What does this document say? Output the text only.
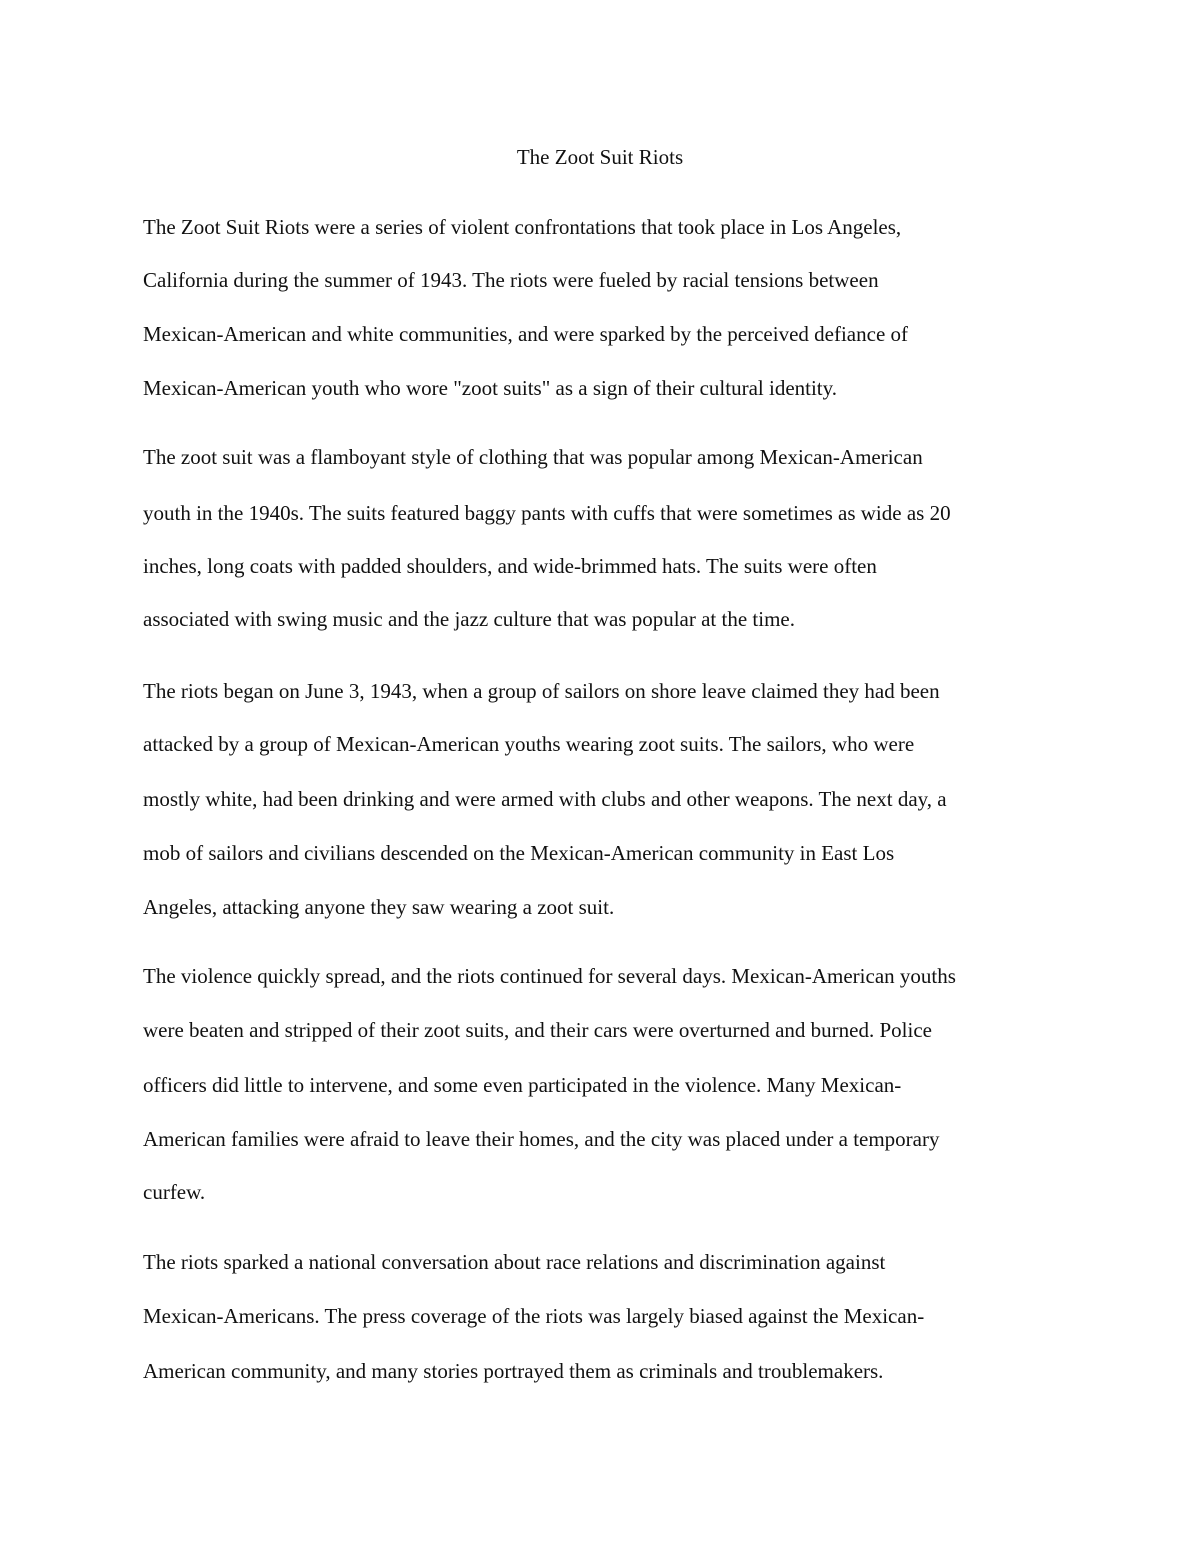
The Zoot Suit Riots

The Zoot Suit Riots were a series of violent confrontations that took place in Los Angeles,

California during the summer of 1943. The riots were fueled by racial tensions between

Mexican-American and white communities, and were sparked by the perceived defiance of

Mexican-American youth who wore "zoot suits" as a sign of their cultural identity.

The zoot suit was a flamboyant style of clothing that was popular among Mexican-American

youth in the 1940s. The suits featured baggy pants with cuffs that were sometimes as wide as 20

inches, long coats with padded shoulders, and wide-brimmed hats. The suits were often

associated with swing music and the jazz culture that was popular at the time.

The riots began on June 3, 1943, when a group of sailors on shore leave claimed they had been

attacked by a group of Mexican-American youths wearing zoot suits. The sailors, who were

mostly white, had been drinking and were armed with clubs and other weapons. The next day, a

mob of sailors and civilians descended on the Mexican-American community in East Los

Angeles, attacking anyone they saw wearing a zoot suit.

The violence quickly spread, and the riots continued for several days. Mexican-American youths

were beaten and stripped of their zoot suits, and their cars were overturned and burned. Police

officers did little to intervene, and some even participated in the violence. Many Mexican-

American families were afraid to leave their homes, and the city was placed under a temporary

curfew.

The riots sparked a national conversation about race relations and discrimination against

Mexican-Americans. The press coverage of the riots was largely biased against the Mexican-

American community, and many stories portrayed them as criminals and troublemakers.
